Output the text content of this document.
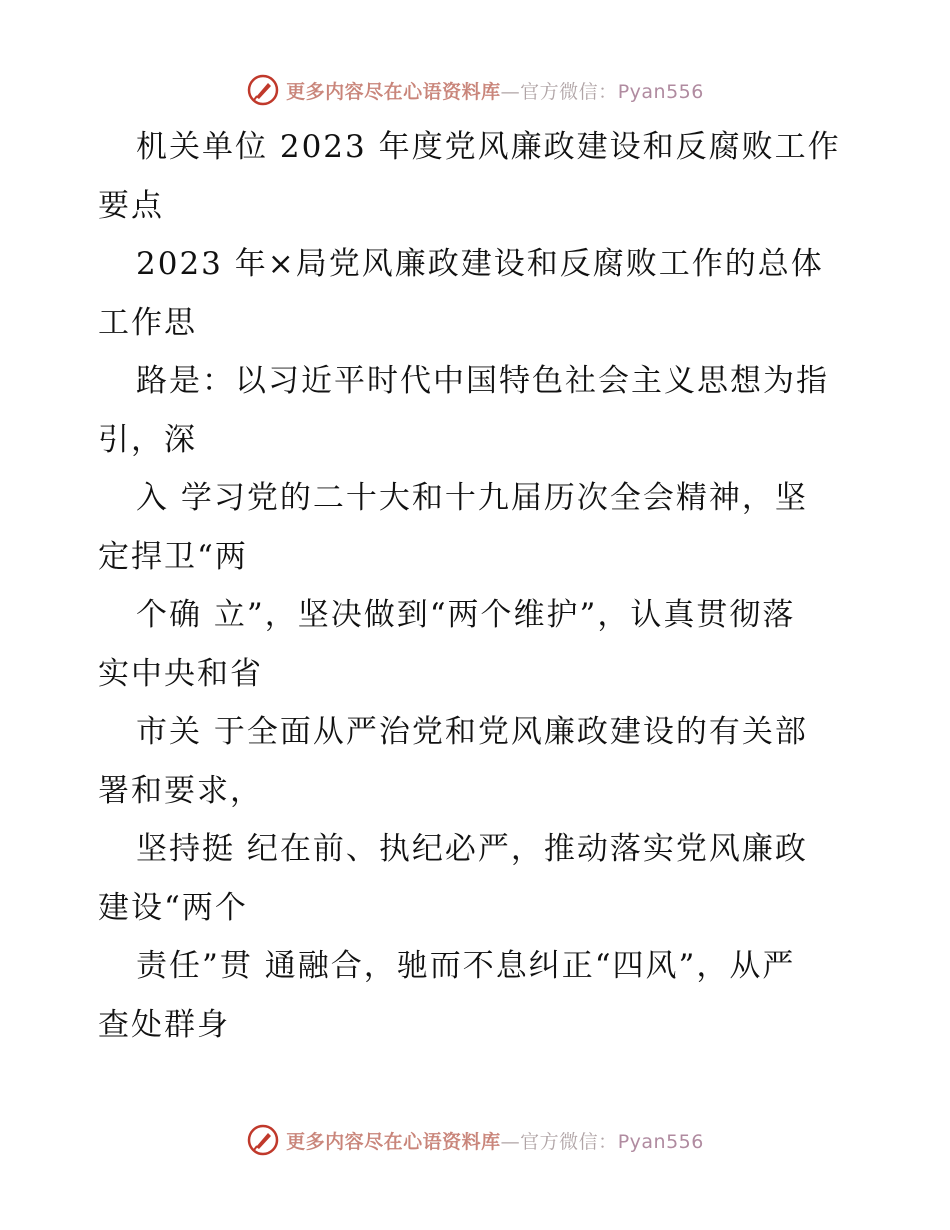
更多内容尽在心语资料库—官方微信：Pyan556

机关单位 2023 年度党风廉政建设和反腐败工作
要点

2023 年×局党风廉政建设和反腐败工作的总体
工作思

路是：以习近平时代中国特色社会主义思想为指
引，深

入 学习党的二十大和十九届历次全会精神，坚
定捍卫“两

个确 立”，坚决做到“两个维护”，认真贯彻落
实中央和省

市关 于全面从严治党和党风廉政建设的有关部
署和要求，

坚持挺 纪在前、执纪必严，推动落实党风廉政
建设“两个

责任”贯 通融合，驰而不息纠正“四风”，从严
查处群身

更多内容尽在心语资料库—官方微信：Pyan556
